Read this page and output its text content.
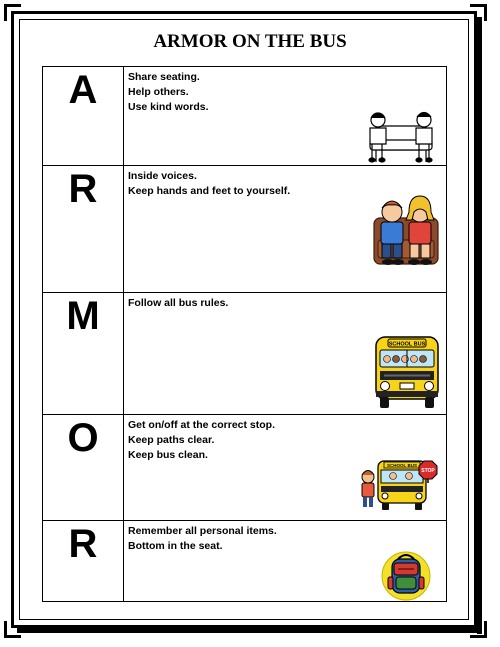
ARMOR ON THE BUS
A	Share seating.
Help others.
Use kind words.

R	Inside voices.
Keep hands and feet to yourself.

M	Follow all bus rules.
SCHOOL BUS

O	Get on/off at the correct stop.
Keep paths clear.
Keep bus clean.
SCHOOL BUS
STOP

R	Remember all personal items.
Bottom in the seat.
